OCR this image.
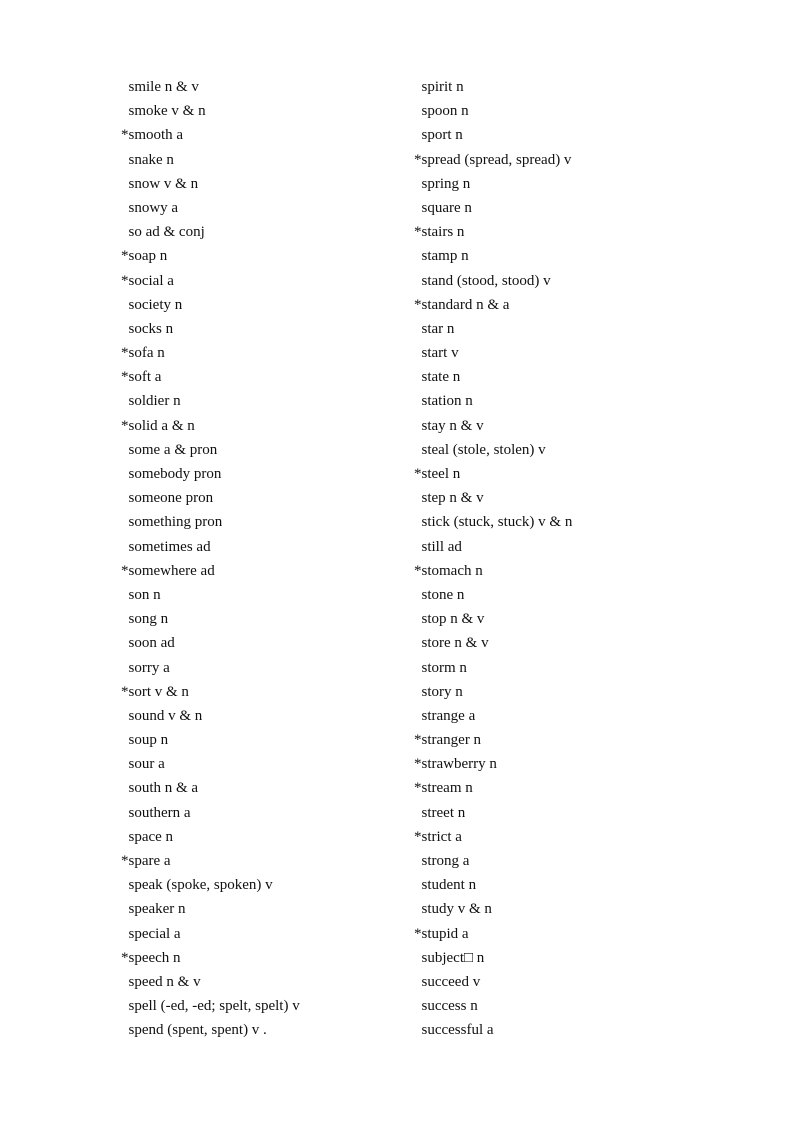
smile n & v
smoke v & n
*smooth a
snake n
snow v & n
snowy a
so ad & conj
*soap n
*social a
society n
socks n
*sofa n
*soft a
soldier n
*solid a & n
some a & pron
somebody pron
someone pron
something pron
sometimes ad
*somewhere ad
son n
song n
soon ad
sorry a
*sort v & n
sound v & n
soup n
sour a
south n & a
southern a
space n
*spare a
speak (spoke, spoken) v
speaker n
special a
*speech n
speed n & v
spell (-ed, -ed; spelt, spelt) v
spend (spent, spent) v .
spirit n
spoon n
sport n
*spread (spread, spread) v
spring n
square n
*stairs n
stamp n
stand (stood, stood) v
*standard n & a
star n
start v
state n
station n
stay n & v
steal (stole, stolen) v
*steel n
step n & v
stick (stuck, stuck) v & n
still ad
*stomach n
stone n
stop n & v
store n & v
storm n
story n
strange a
*stranger n
*strawberry n
*stream n
street n
*strict a
strong a
student n
study v & n
*stupid a
subject□ n
succeed v
success n
successful a
